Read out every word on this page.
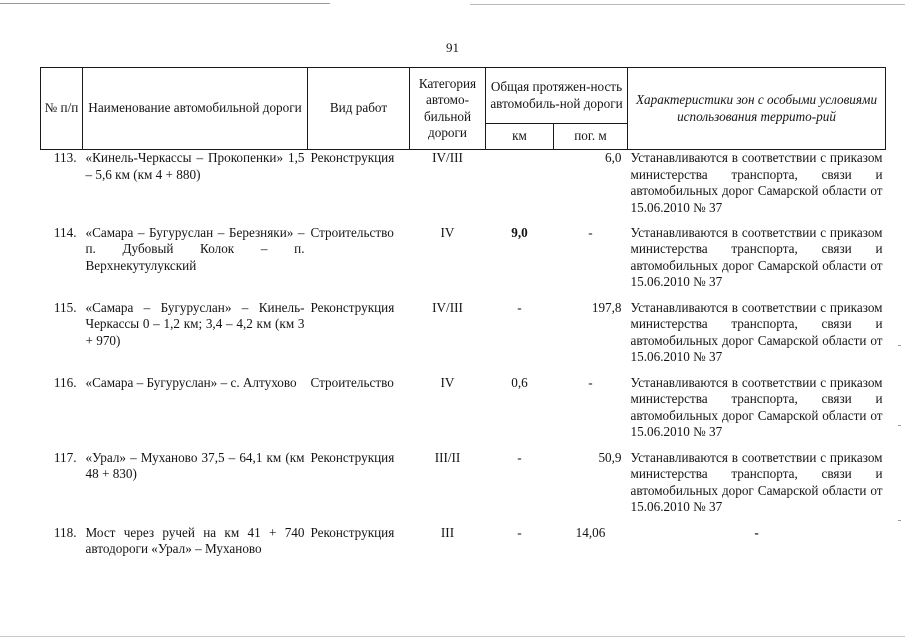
91
№ п/п	Наименование автомобильной дороги	Вид работ	Категория автомо-бильной дороги	Общая протяжен-ность автомобиль-ной дороги		Характеристики зон с особыми условиями использования террито-рий
				км	пог. м	
113.	«Кинель-Черкассы – Прокопенки» 1,5 – 5,6 км (км 4 + 880)	Реконструкция	IV/III		6,0	Устанавливаются в соответствии с приказом министерства транспорта, связи и автомобильных дорог Самарской области от 15.06.2010 № 37
114.	«Самара – Бугуруслан – Березняки» – п. Дубовый Колок – п. Верхнекутулукский	Строительство	IV	9,0	-	Устанавливаются в соответствии с приказом министерства транспорта, связи и автомобильных дорог Самарской области от 15.06.2010 № 37
115.	«Самара – Бугуруслан» – Кинель-Черкассы 0 – 1,2 км; 3,4 – 4,2 км (км 3 + 970)	Реконструкция	IV/III	-	197,8	Устанавливаются в соответствии с приказом министерства транспорта, связи и автомобильных дорог Самарской области от 15.06.2010 № 37
116.	«Самара – Бугуруслан» – с. Алтухово	Строительство	IV	0,6	-	Устанавливаются в соответствии с приказом министерства транспорта, связи и автомобильных дорог Самарской области от 15.06.2010 № 37
117.	«Урал» – Муханово 37,5 – 64,1 км (км 48 + 830)	Реконструкция	III/II	-	50,9	Устанавливаются в соответствии с приказом министерства транспорта, связи и автомобильных дорог Самарской области от 15.06.2010 № 37
118.	Мост через ручей на км 41 + 740 автодороги «Урал» – Муханово	Реконструкция	III	-	14,06	-
